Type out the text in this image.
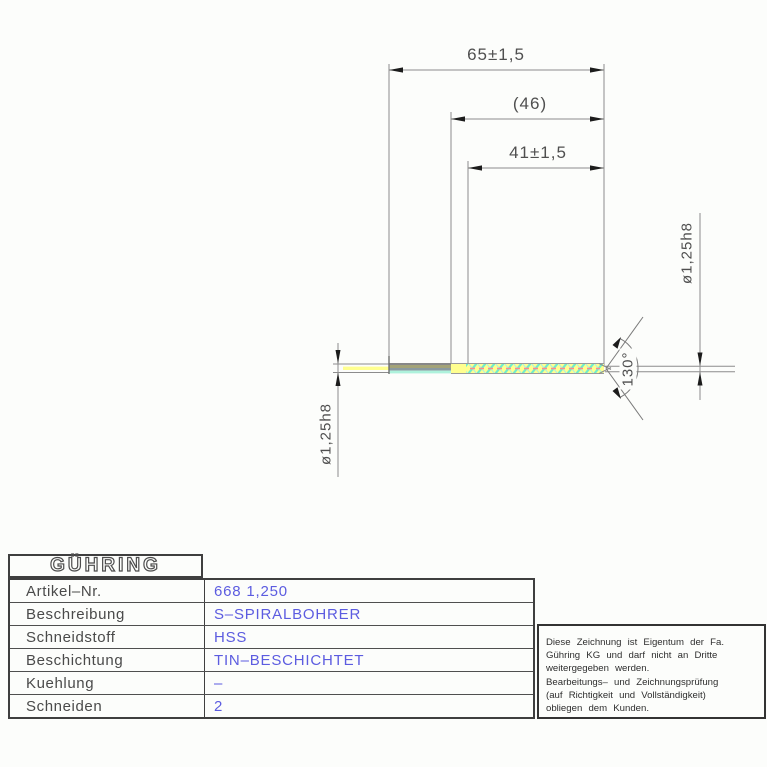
65±1,5
(46)
41±1,5
ø1,25h8
ø1,25h8
130°
GÜHRING
Artikel–Nr.	668 1,250
Beschreibung	S–SPIRALBOHRER
Schneidstoff	HSS
Beschichtung	TIN–BESCHICHTET
Kuehlung	–
Schneiden	2
Diese Zeichnung ist Eigentum der Fa.
Gühring KG und darf nicht an Dritte
weitergegeben werden.
Bearbeitungs– und Zeichnungsprüfung
(auf Richtigkeit und Vollständigkeit)
obliegen dem Kunden.
